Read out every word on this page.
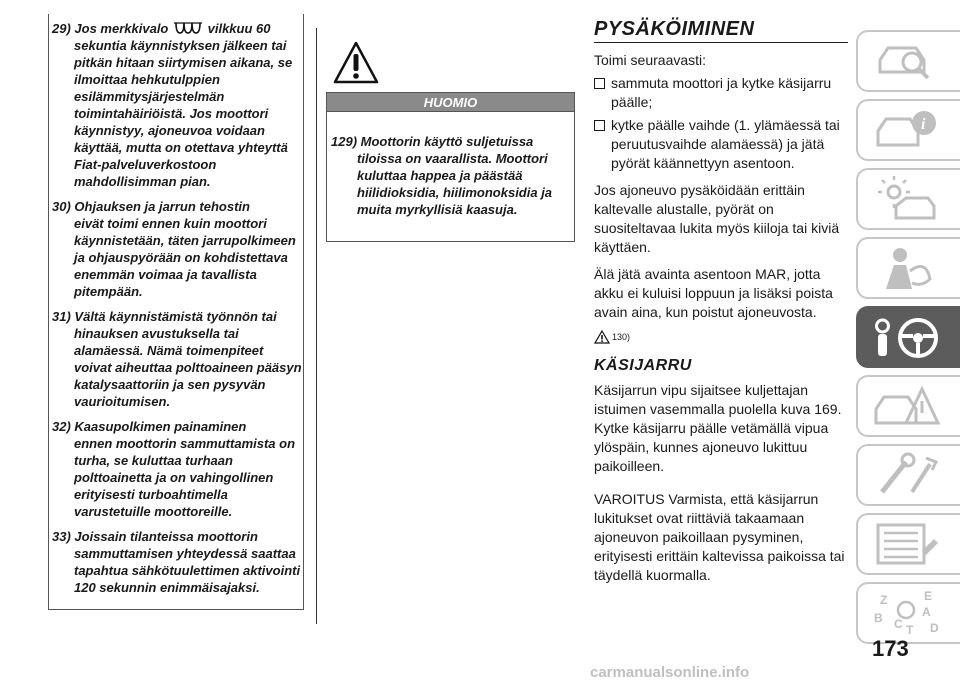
29) Jos merkkivalo	vilkkuu 60
sekuntia käynnistyksen jälkeen tai pitkän hitaan siirtymisen aikana, se ilmoittaa hehkutulppien esilämmitysjärjestelmän toimintahäiriöistä. Jos moottori käynnistyy, ajoneuvoa voidaan käyttää, mutta on otettava yhteyttä Fiat-palveluverkostoon mahdollisimman pian.
30) Ohjauksen ja jarrun tehostin
eivät toimi ennen kuin moottori käynnistetään, täten jarrupolkimeen ja ohjauspyörään on kohdistettava enemmän voimaa ja tavallista pitempään.
31) Vältä käynnistämistä työnnön tai
hinauksen avustuksella tai alamäessä. Nämä toimenpiteet voivat aiheuttaa polttoaineen pääsyn katalysaattoriin ja sen pysyvän vaurioitumisen.
32) Kaasupolkimen painaminen
ennen moottorin sammuttamista on turha, se kuluttaa turhaan polttoainetta ja on vahingollinen erityisesti turboahtimella varustetuille moottoreille.
33) Joissain tilanteissa moottorin
sammuttamisen yhteydessä saattaa tapahtua sähkötuulettimen aktivointi 120 sekunnin enimmäisajaksi.
HUOMIO
129) Moottorin käyttö suljetuissa
tiloissa on vaarallista. Moottori kuluttaa happea ja päästää hiilidioksidia, hiilimonoksidia ja muita myrkyllisiä kaasuja.
PYSÄKÖIMINEN
Toimi seuraavasti:
sammuta moottori ja kytke käsijarru päälle;
kytke päälle vaihde (1. ylämäessä tai peruutusvaihde alamäessä) ja jätä pyörät käännettyyn asentoon.
Jos ajoneuvo pysäköidään erittäin kaltevalle alustalle, pyörät on suositeltavaa lukita myös kiiloja tai kiviä käyttäen.
Älä jätä avainta asentoon MAR, jotta akku ei kuluisi loppuun ja lisäksi poista avain aina, kun poistut ajoneuvosta.
130)
KÄSIJARRU
Käsijarrun vipu sijaitsee kuljettajan istuimen vasemmalla puolella kuva 169. Kytke käsijarru päälle vetämällä vipua ylöspäin, kunnes ajoneuvo lukittuu paikoilleen.
VAROITUS Varmista, että käsijarrun lukitukset ovat riittäviä takaamaan ajoneuvon paikoillaan pysyminen, erityisesti erittäin kaltevissa paikoissa tai täydellä kuormalla.
i
Z	E
A
B C T D
173
carmanualsonline.info
